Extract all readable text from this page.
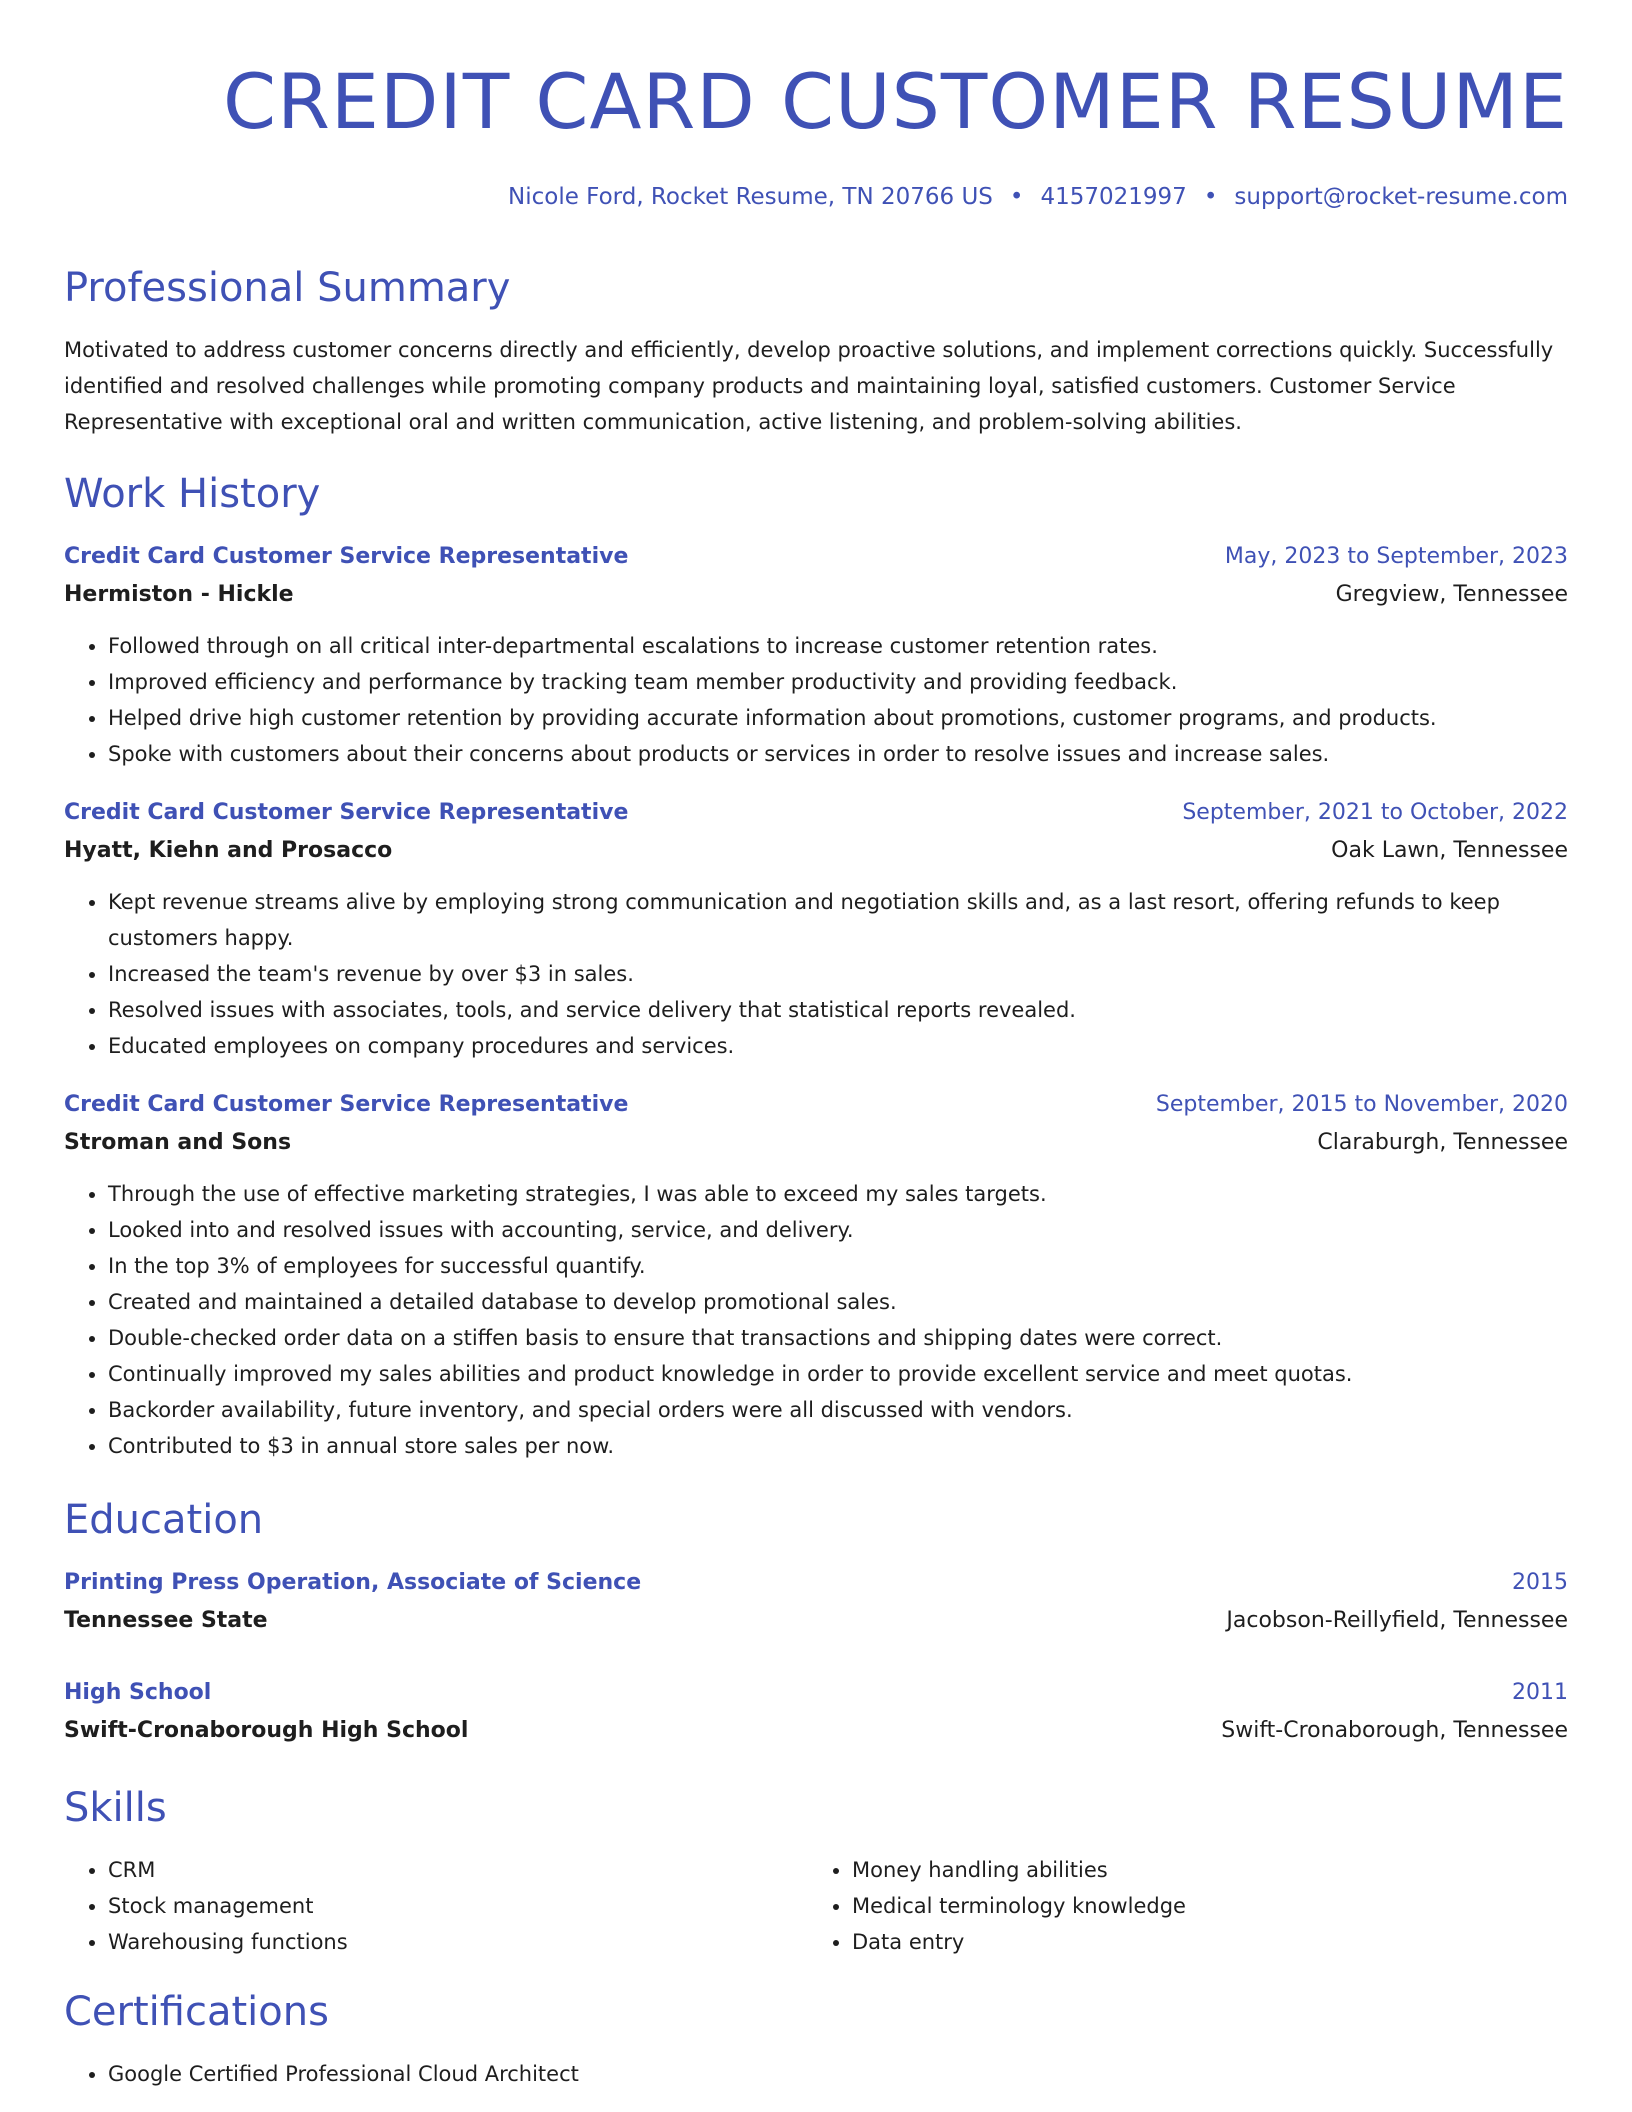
CREDIT CARD CUSTOMER RESUME
Nicole Ford, Rocket Resume, TN 20766 US • 4157021997 • support@rocket-resume.com
Professional Summary

Motivated to address customer concerns directly and efficiently, develop proactive solutions, and implement corrections quickly. Successfully identified and resolved challenges while promoting company products and maintaining loyal, satisfied customers. Customer Service Representative with exceptional oral and written communication, active listening, and problem-solving abilities.

Work History
Credit Card Customer Service Representative	May, 2023 to September, 2023
Hermiston - Hickle	Gregview, Tennessee
• Followed through on all critical inter-departmental escalations to increase customer retention rates.
• Improved efficiency and performance by tracking team member productivity and providing feedback.
• Helped drive high customer retention by providing accurate information about promotions, customer programs, and products.
• Spoke with customers about their concerns about products or services in order to resolve issues and increase sales.
Credit Card Customer Service Representative	September, 2021 to October, 2022
Hyatt, Kiehn and Prosacco	Oak Lawn, Tennessee
• Kept revenue streams alive by employing strong communication and negotiation skills and, as a last resort, offering refunds to keep customers happy.
• Increased the team's revenue by over $3 in sales.
• Resolved issues with associates, tools, and service delivery that statistical reports revealed.
• Educated employees on company procedures and services.
Credit Card Customer Service Representative	September, 2015 to November, 2020
Stroman and Sons	Claraburgh, Tennessee
• Through the use of effective marketing strategies, I was able to exceed my sales targets.
• Looked into and resolved issues with accounting, service, and delivery.
• In the top 3% of employees for successful quantify.
• Created and maintained a detailed database to develop promotional sales.
• Double-checked order data on a stiffen basis to ensure that transactions and shipping dates were correct.
• Continually improved my sales abilities and product knowledge in order to provide excellent service and meet quotas.
• Backorder availability, future inventory, and special orders were all discussed with vendors.
• Contributed to $3 in annual store sales per now.
Education
Printing Press Operation, Associate of Science	2015
Tennessee State	Jacobson-Reillyfield, Tennessee
High School	2011
Swift-Cronaborough High School	Swift-Cronaborough, Tennessee
Skills
• CRM
• Stock management
• Warehousing functions
• Money handling abilities
• Medical terminology knowledge
• Data entry
Certifications
• Google Certified Professional Cloud Architect
